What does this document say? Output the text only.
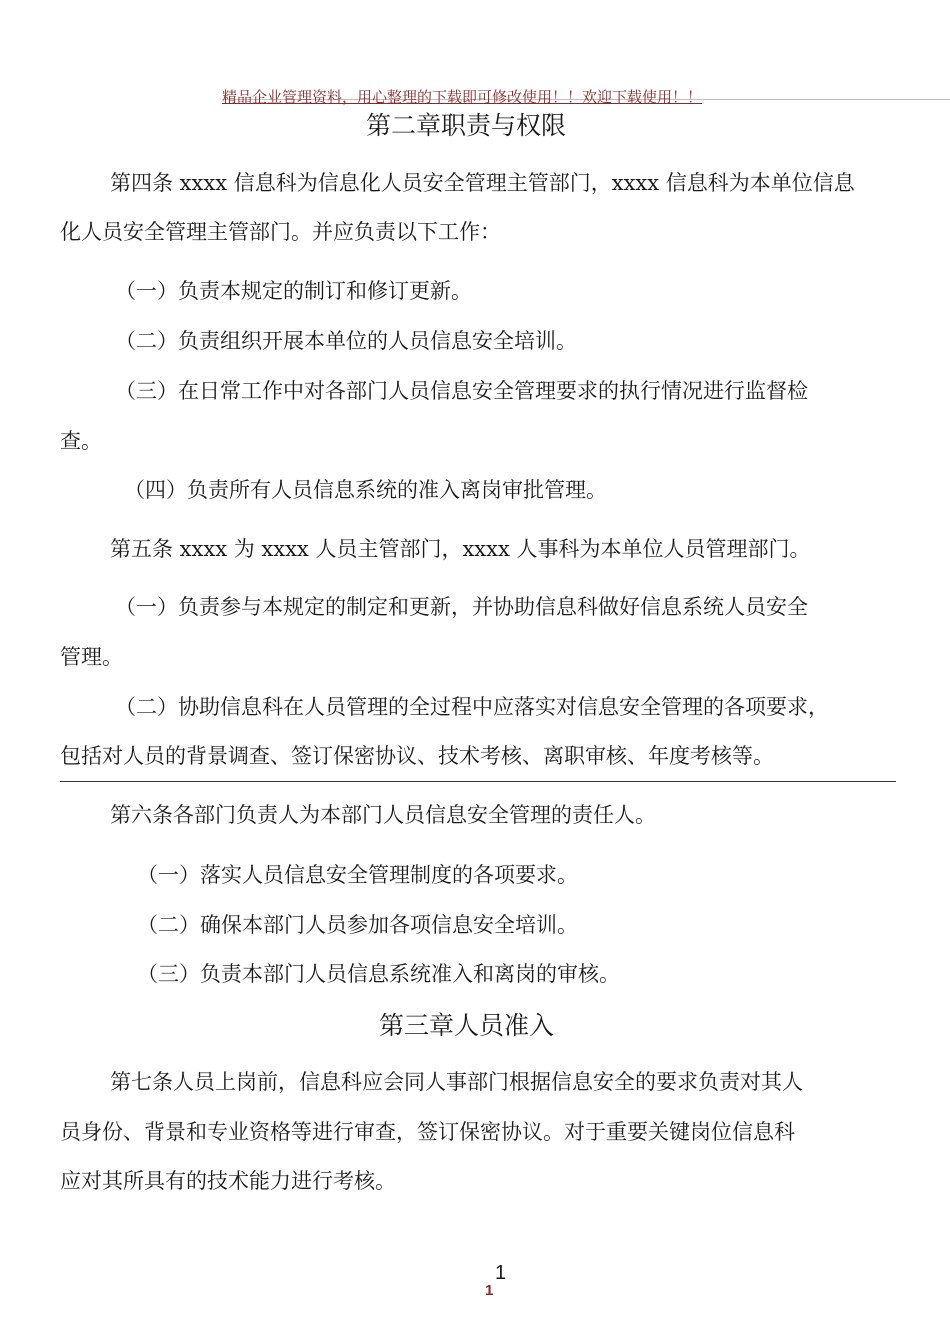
精品企业管理资料，用心整理的下载即可修改使用！！欢迎下载使用！！
第二章职责与权限
第四条 xxxx 信息科为信息化人员安全管理主管部门，xxxx 信息科为本单位信息
化人员安全管理主管部门。并应负责以下工作：
（一）负责本规定的制订和修订更新。
（二）负责组织开展本单位的人员信息安全培训。
（三）在日常工作中对各部门人员信息安全管理要求的执行情况进行监督检
查。
（四）负责所有人员信息系统的准入离岗审批管理。
第五条 xxxx 为 xxxx 人员主管部门，xxxx 人事科为本单位人员管理部门。
（一）负责参与本规定的制定和更新，并协助信息科做好信息系统人员安全
管理。
（二）协助信息科在人员管理的全过程中应落实对信息安全管理的各项要求，
包括对人员的背景调查、签订保密协议、技术考核、离职审核、年度考核等。
第六条各部门负责人为本部门人员信息安全管理的责任人。
（一）落实人员信息安全管理制度的各项要求。
（二）确保本部门人员参加各项信息安全培训。
（三）负责本部门人员信息系统准入和离岗的审核。
第三章人员准入
第七条人员上岗前，信息科应会同人事部门根据信息安全的要求负责对其人
员身份、背景和专业资格等进行审查，签订保密协议。对于重要关键岗位信息科
应对其所具有的技术能力进行考核。
1
1
